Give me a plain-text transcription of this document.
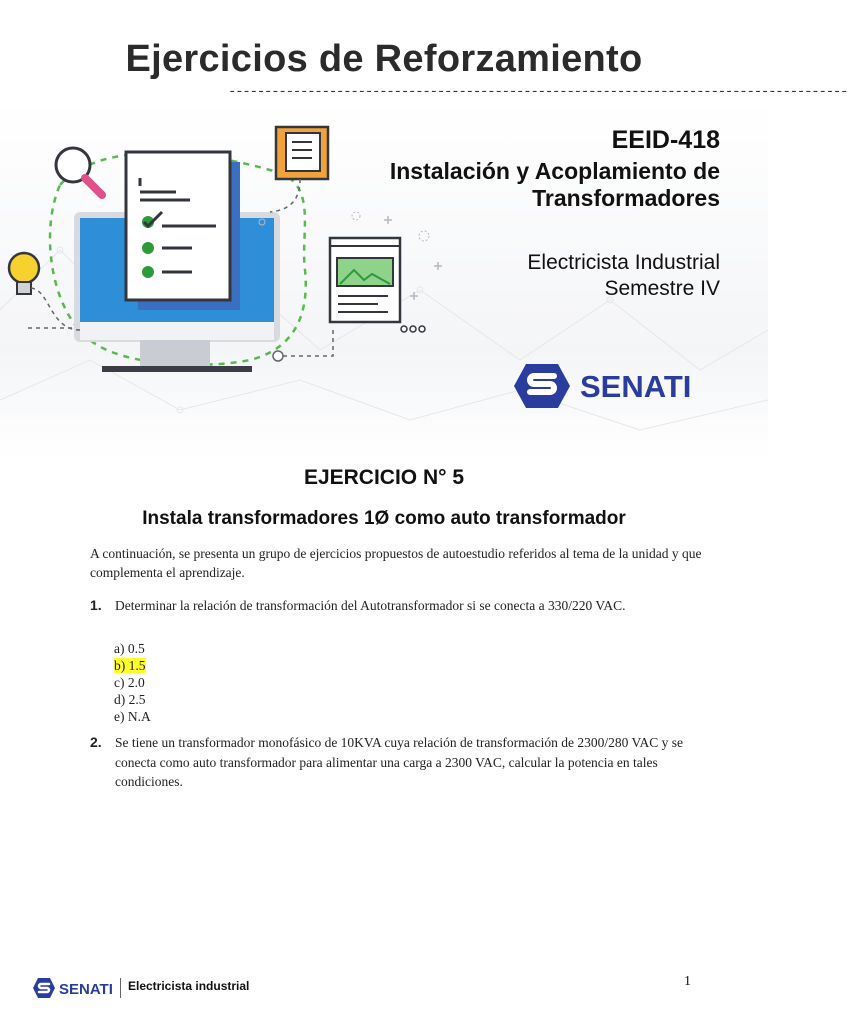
Ejercicios de Reforzamiento
--------------------------------------------------------------------------------------
EEID-418
Instalación y Acoplamiento de
Transformadores
Electricista Industrial
Semestre IV
SENATI
EJERCICIO N° 5
Instala transformadores 1Ø como auto transformador
A continuación, se presenta un grupo de ejercicios propuestos de autoestudio referidos al tema de la unidad y que complementa el aprendizaje.
1. Determinar la relación de transformación del Autotransformador si se conecta a 330/220 VAC.
a) 0.5
b) 1.5
c) 2.0
d) 2.5
e) N.A
2. Se tiene un transformador monofásico de 10KVA cuya relación de transformación de 2300/280 VAC y se conecta como auto transformador para alimentar una carga a 2300 VAC, calcular la potencia en tales condiciones.
SENATI Electricista industrial	1
